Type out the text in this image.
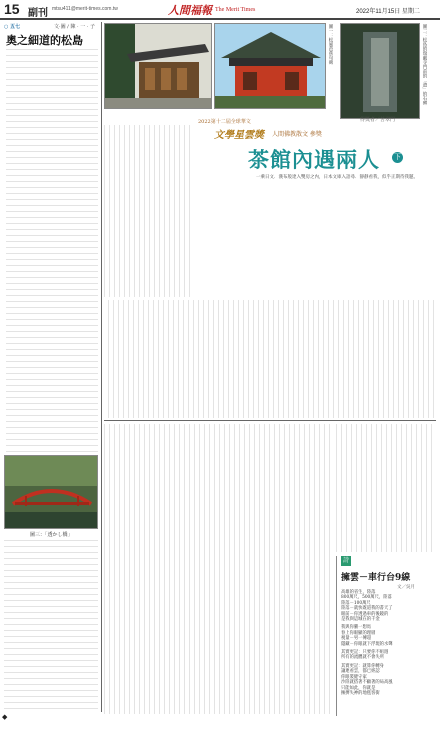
15 副刊 mtsu411@merit-times.com.tw	人間福報 The Merit Times	2022年11月15日 星期二
○ 五七	文·圖 / 陳 · 一 · 子
奧之細道的松島
圖三：「透かし橋」
◆
圖一：松風芭蕉句碑	圖二：松島的瑞巌寺門前的「遊」的石碑
2022第十二屆全球華文
文學星雲獎 人間佛教散文 參獎
得獎者／苦翠門
茶館內遇兩人 下
一乘日文．漢布般達入雙房之內，日本文庫入語尋．靜靜看我，似乎正期待我題。
詩
擁雲－車行台9線
文／吳月
高雄的省生，陸落
800萬尺，500萬尺，陸落
陸落－100萬尺
陸落－就快既道我的書天了
眼前－你透過車的後鏡的
是我與這城在的千金
我與你騰一想馬
春上你眼顯的理層
視量－男一傳超
隱藏－你眼就下浮現的水聲
其實更記：只要你不組週
所有的流體就不會失所
其實更記：就算你轉身
讓連看雲，都已經認
你眼裝健守家
沙陸就搭著不顧著的局高風
只能如此，你就是
擁擠失神的地毯客街
